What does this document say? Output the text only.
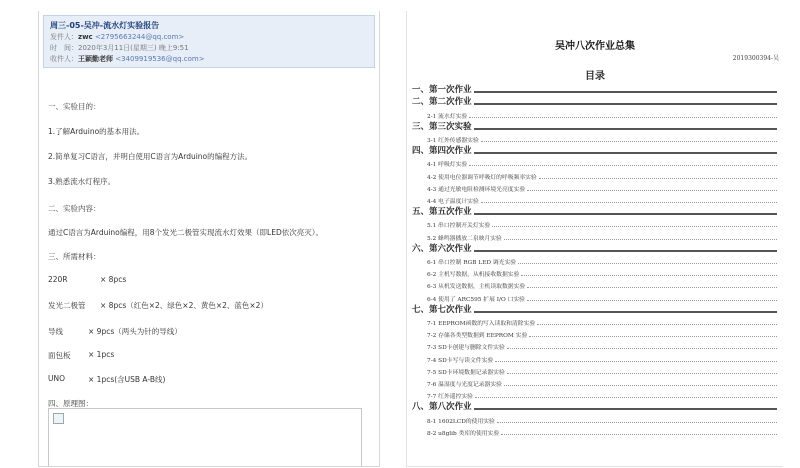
周三-05-吴冲-流水灯实验报告
发件人：zwc <2795663244@qq.com>
时　间：2020年3月11日(星期三) 晚上9:51
收件人：王颖勤老师 <3409919536@qq.com>
一、实验目的：
1.了解Arduino的基本用法。
2.简单复习C语言，并明白使用C语言为Arduino的编程方法。
3.熟悉流水灯程序。
二、实验内容：
通过C语言为Arduino编程，用8个发光二极管实现流水灯效果（即LED依次亮灭）。
三、所需材料：
220R	× 8pcs
发光二极管 × 8pcs（红色×2、绿色×2、黄色×2、蓝色×2）
导线	× 9pcs（两头为针的导线）
面包板 × 1pcs
UNO	× 1pcs(含USB A-B线)
四、原理图：
吴冲八次作业总集
2019300394-吴
目录
一、第一次作业
二、第二次作业
2-1 流水灯实验
三、第三次实验
3-1 红外传感器实验
四、第四次作业
4-1 呼吸灯实验
4-2 使用电位器调节呼吸灯的呼吸频率实验
4-3 通过光敏电阻检测环境光亮度实验
4-4 电子温度计实验
五、第五次作业
5.1 串口控制开关灯实验
5.2 蜂鸣器播放二泉映月实验
六、第六次作业
6-1 串口控制 RGB LED 调光实验
6-2 主机写数据，从机接收数据实验
6-3 从机发送数据，主机读取数据实验
6-4 使用了 ARC595 扩展 I/O 口实验
七、第七次作业
7-1 EEPROM函数的写入读取和清除实验
7-2 存储各类型数据到 EEPROM 实验
7-3 SD卡创建与删除文件实验
7-4 SD卡写与读文件实验
7-5 SD卡环境数据记录器实验
7-6 温湿度与光度记录器实验
7-7 红外遥控实验
八、第八次作业
8-1 1602LCD的使用实验
8-2 u8glib 类库的使用实验
